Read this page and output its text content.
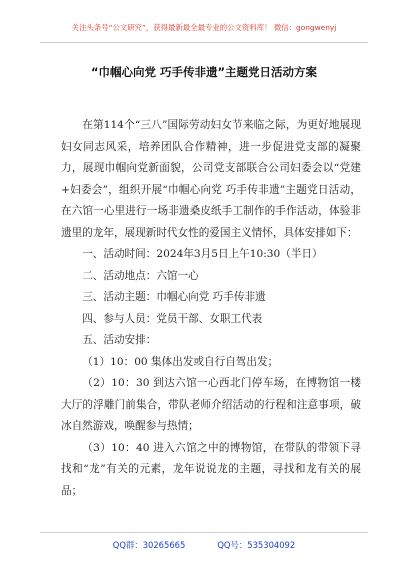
关注头条号“公文研究”，获得最新最全最专业的公文资料库！ 微信：gongwenyj
“巾帼心向党 巧手传非遗”主题党日活动方案

在第114个“三八”国际劳动妇女节来临之际，为更好地展现妇女同志风采，培养团队合作精神，进一步促进党支部的凝聚力，展现巾帼向党新面貌，公司党支部联合公司妇委会以“党建+妇委会”，组织开展“巾帼心向党 巧手传非遗”主题党日活动，在六馆一心里进行一场非遗桑皮纸手工制作的手作活动，体验非遗里的龙年，展现新时代女性的爱国主义情怀，具体安排如下：

一、活动时间：2024年3月5日上午10:30（半日）

二、活动地点：六馆一心

三、活动主题：巾帼心向党 巧手传非遗

四、参与人员：党员干部、女职工代表

五、活动安排：

（1）10：00 集体出发或自行自驾出发；

（2）10：30 到达六馆一心西北门停车场，在博物馆一楼大厅的浮雕门前集合，带队老师介绍活动的行程和注意事项，破冰自然游戏，唤醒参与热情；

（3）10：40 进入六馆之中的博物馆，在带队的带领下寻找和“龙”有关的元素，龙年说说龙的主题，寻找和龙有关的展品；

QQ群：30265665	QQ号：535304092
